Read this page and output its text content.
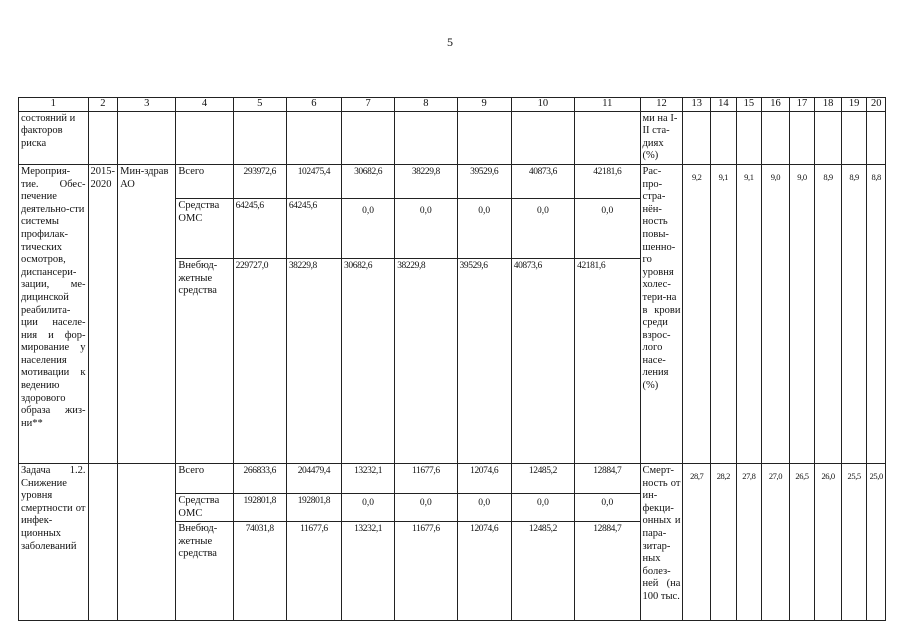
5
1	2	3	4	5	6	7	8	9	10	11	12	13	14	15	16	17	18	19	20
состояний и факторов риска											ми на I-II ста-диях (%)								
Мероприя-тие. Обес-печение деятельно-сти системы профилак-тических осмотров, диспансери-зации, ме-дицинской реабилита-ции населе-ния и фор-мирование у населения мотивации к ведению здорового образа жиз-ни**	2015-2020	Мин-здрав АО	Всего	293972,6	102475,4	30682,6	38229,8	39529,6	40873,6	42181,6	Рас-про-стра-нён-ность повы-шенно-го уровня холес-тери-на в крови среди взрос-лого насе-ления (%)	9,2	9,1	9,1	9,0	9,0	8,9	8,9	8,8
			Средства ОМС	64245,6	64245,6	0,0	0,0	0,0	0,0	0,0									
			Внебюд-жетные средства	229727,0	38229,8	30682,6	38229,8	39529,6	40873,6	42181,6									
Задача 1.2. Снижение уровня смертности от инфек-ционных заболеваний			Всего	266833,6	204479,4	13232,1	11677,6	12074,6	12485,2	12884,7	Смерт-ность от ин-фекци-онных и пара-зитар-ных болез-ней (на 100 тыс.	28,7	28,2	27,8	27,0	26,5	26,0	25,5	25,0
			Средства ОМС	192801,8	192801,8	0,0	0,0	0,0	0,0	0,0									
			Внебюд-жетные средства	74031,8	11677,6	13232,1	11677,6	12074,6	12485,2	12884,7									
